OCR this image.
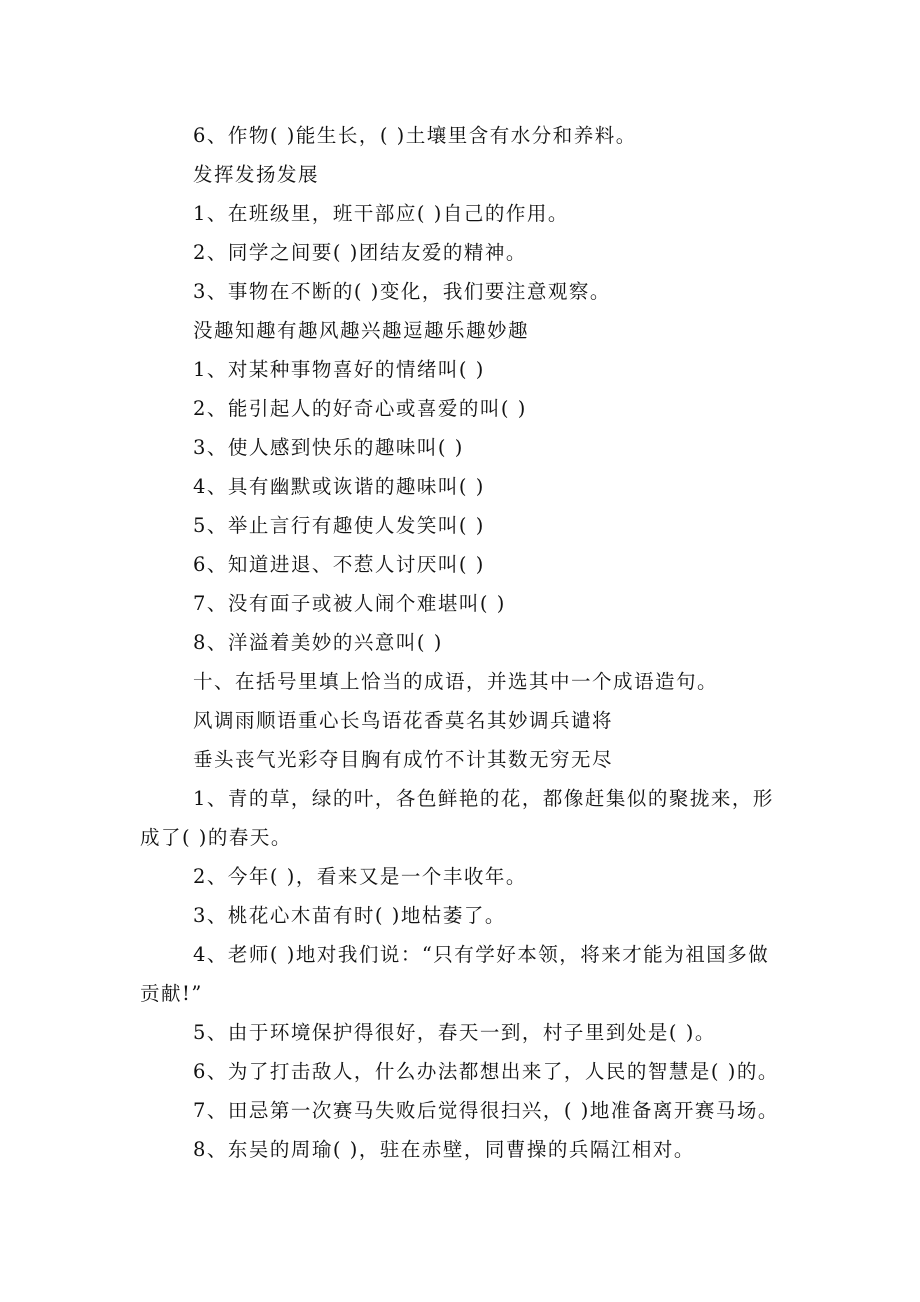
6、作物( )能生长，( )土壤里含有水分和养料。
发挥发扬发展
1、在班级里，班干部应( )自己的作用。
2、同学之间要( )团结友爱的精神。
3、事物在不断的( )变化，我们要注意观察。
没趣知趣有趣风趣兴趣逗趣乐趣妙趣
1、对某种事物喜好的情绪叫( )
2、能引起人的好奇心或喜爱的叫( )
3、使人感到快乐的趣味叫( )
4、具有幽默或诙谐的趣味叫( )
5、举止言行有趣使人发笑叫( )
6、知道进退、不惹人讨厌叫( )
7、没有面子或被人闹个难堪叫( )
8、洋溢着美妙的兴意叫( )
十、在括号里填上恰当的成语，并选其中一个成语造句。
风调雨顺语重心长鸟语花香莫名其妙调兵谴将
垂头丧气光彩夺目胸有成竹不计其数无穷无尽
1、青的草，绿的叶，各色鲜艳的花，都像赶集似的聚拢来，形
成了( )的春天。
2、今年( )，看来又是一个丰收年。
3、桃花心木苗有时( )地枯萎了。
4、老师( )地对我们说：“只有学好本领，将来才能为祖国多做
贡献!”
5、由于环境保护得很好，春天一到，村子里到处是( )。
6、为了打击敌人，什么办法都想出来了，人民的智慧是( )的。
7、田忌第一次赛马失败后觉得很扫兴，( )地准备离开赛马场。
8、东吴的周瑜( )，驻在赤壁，同曹操的兵隔江相对。
